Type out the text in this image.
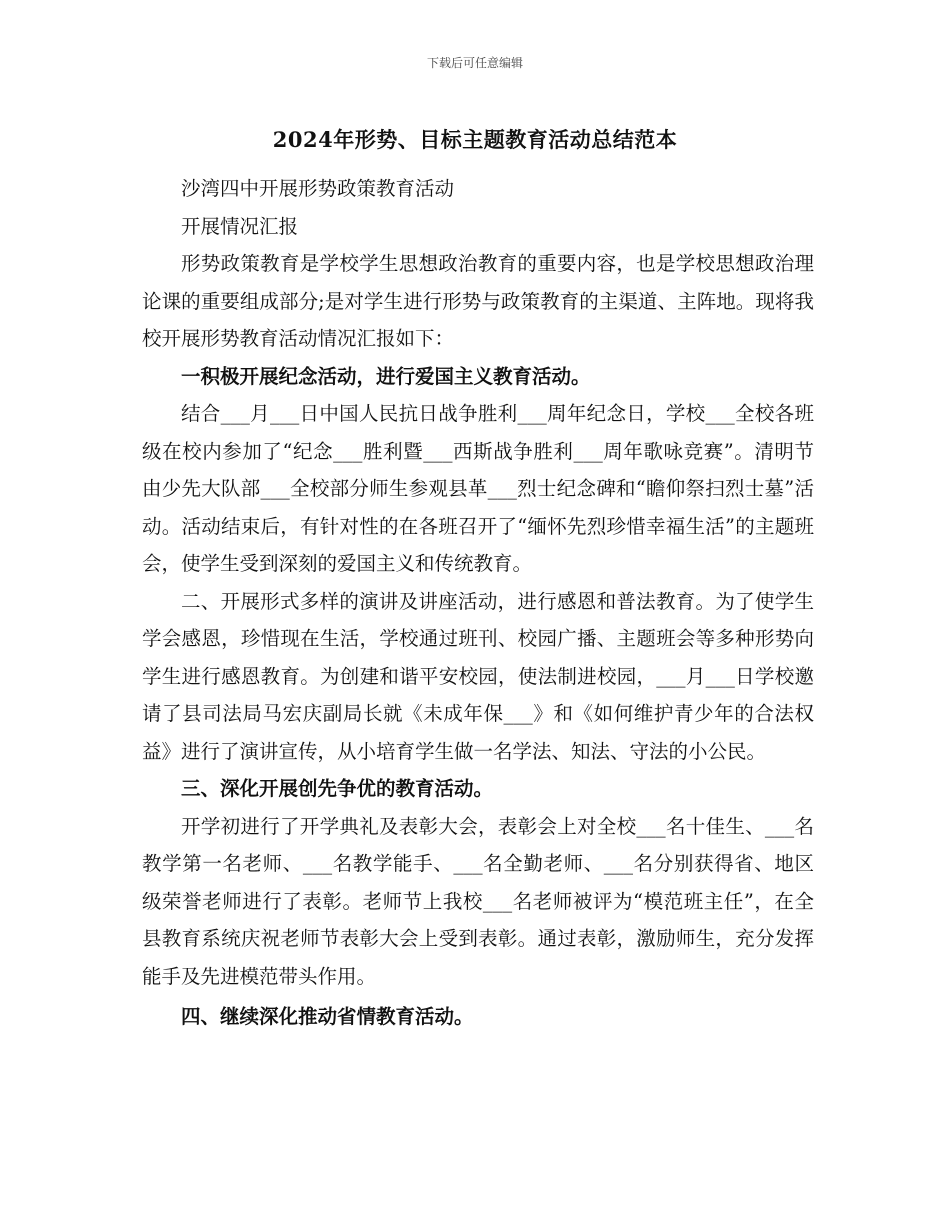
下载后可任意编辑
2024年形势、目标主题教育活动总结范本

沙湾四中开展形势政策教育活动

开展情况汇报

形势政策教育是学校学生思想政治教育的重要内容，也是学校思想政治理论课的重要组成部分;是对学生进行形势与政策教育的主渠道、主阵地。现将我校开展形势教育活动情况汇报如下：

一积极开展纪念活动，进行爱国主义教育活动。

结合___月___日中国人民抗日战争胜利___周年纪念日，学校___全校各班级在校内参加了“纪念___胜利暨___西斯战争胜利___周年歌咏竞赛”。清明节由少先大队部___全校部分师生参观县革___烈士纪念碑和“瞻仰祭扫烈士墓”活动。活动结束后，有针对性的在各班召开了“缅怀先烈珍惜幸福生活”的主题班会，使学生受到深刻的爱国主义和传统教育。

二、开展形式多样的演讲及讲座活动，进行感恩和普法教育。为了使学生学会感恩，珍惜现在生活，学校通过班刊、校园广播、主题班会等多种形势向学生进行感恩教育。为创建和谐平安校园，使法制进校园，___月___日学校邀请了县司法局马宏庆副局长就《未成年保___》和《如何维护青少年的合法权益》进行了演讲宣传，从小培育学生做一名学法、知法、守法的小公民。

三、深化开展创先争优的教育活动。

开学初进行了开学典礼及表彰大会，表彰会上对全校___名十佳生、___名教学第一名老师、___名教学能手、___名全勤老师、___名分别获得省、地区级荣誉老师进行了表彰。老师节上我校___名老师被评为“模范班主任”，在全县教育系统庆祝老师节表彰大会上受到表彰。通过表彰，激励师生，充分发挥能手及先进模范带头作用。

四、继续深化推动省情教育活动。
